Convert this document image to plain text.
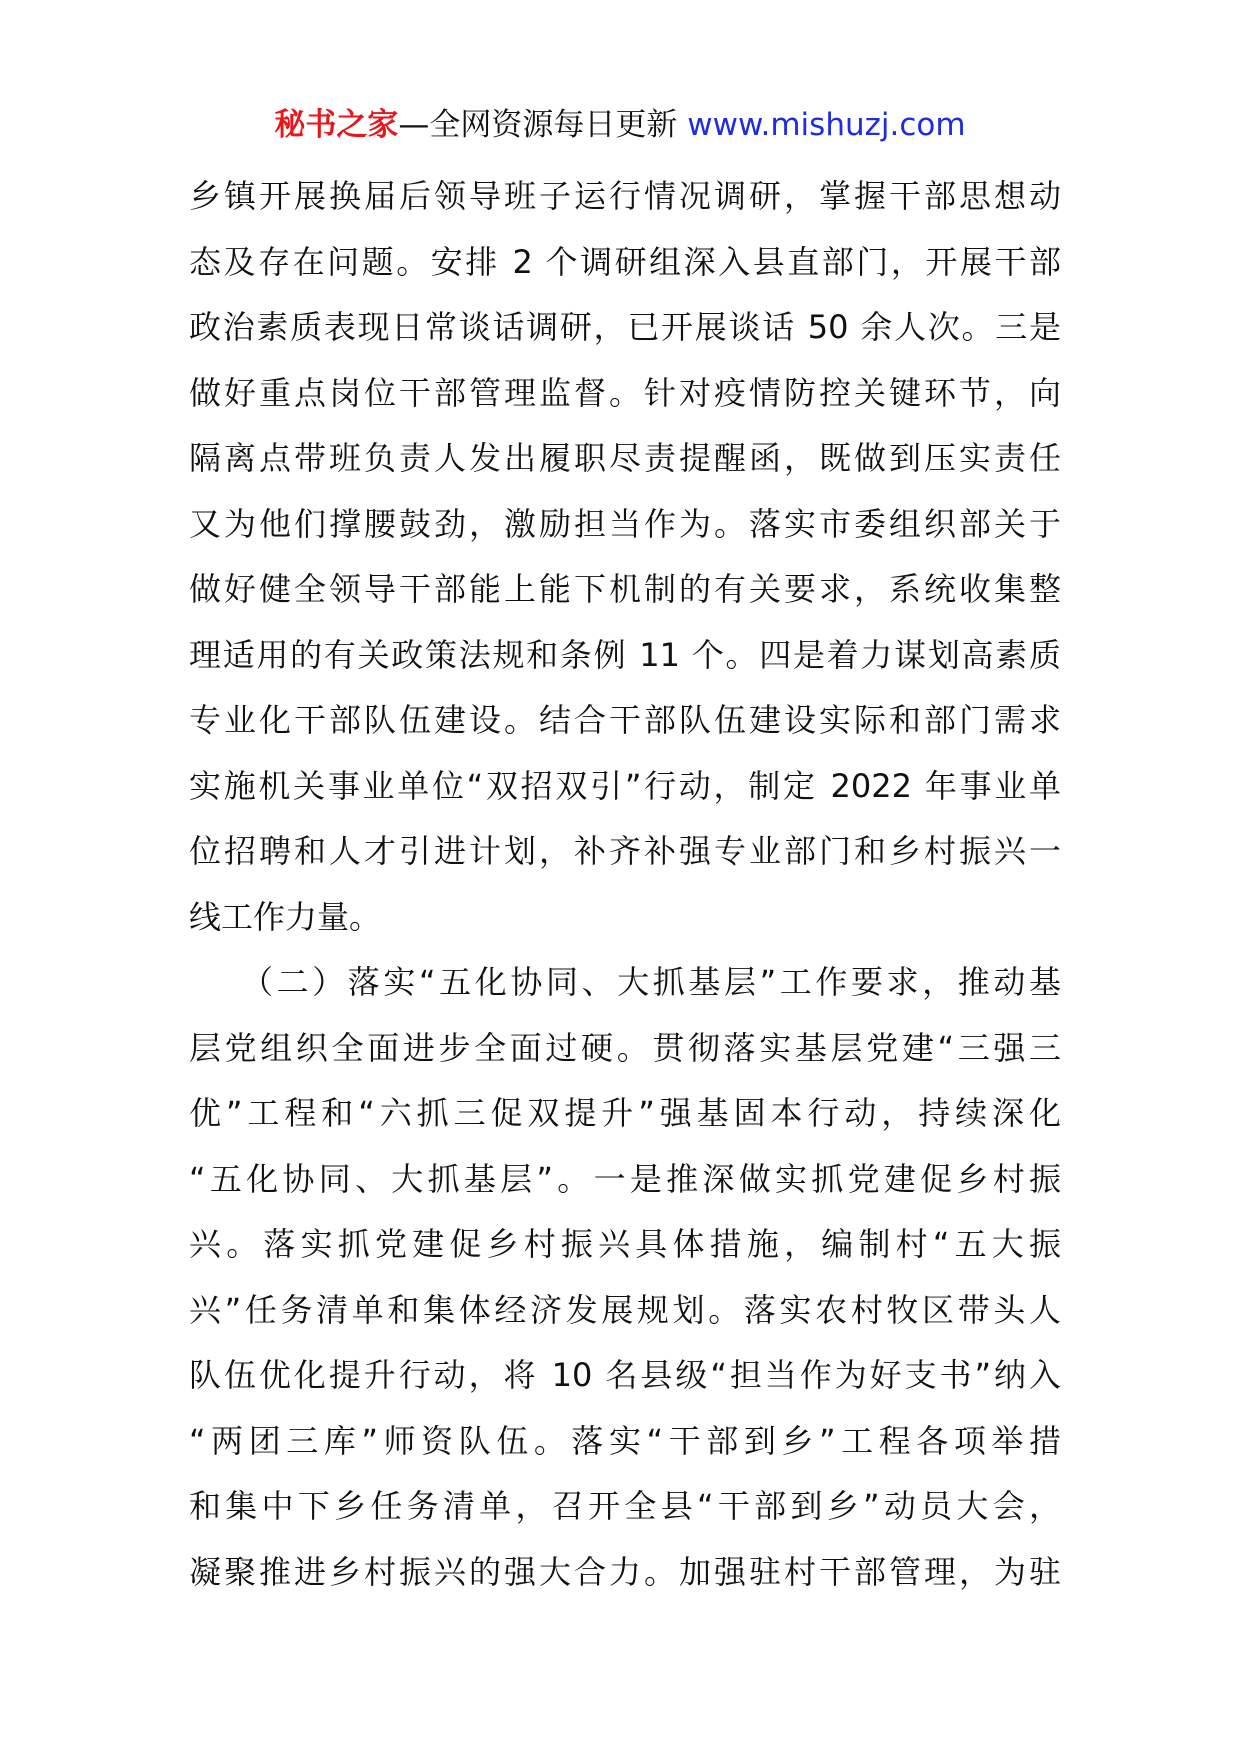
秘书之家—全网资源每日更新 www.mishuzj.com
乡镇开展换届后领导班子运行情况调研，掌握干部思想动
态及存在问题。安排 2 个调研组深入县直部门，开展干部
政治素质表现日常谈话调研，已开展谈话 50 余人次。三是
做好重点岗位干部管理监督。针对疫情防控关键环节，向
隔离点带班负责人发出履职尽责提醒函，既做到压实责任
又为他们撑腰鼓劲，激励担当作为。落实市委组织部关于
做好健全领导干部能上能下机制的有关要求，系统收集整
理适用的有关政策法规和条例 11 个。四是着力谋划高素质
专业化干部队伍建设。结合干部队伍建设实际和部门需求
实施机关事业单位“双招双引”行动，制定 2022 年事业单
位招聘和人才引进计划，补齐补强专业部门和乡村振兴一
线工作力量。
（二）落实“五化协同、大抓基层”工作要求，推动基
层党组织全面进步全面过硬。贯彻落实基层党建“三强三
优”工程和“六抓三促双提升”强基固本行动，持续深化
“五化协同、大抓基层”。一是推深做实抓党建促乡村振
兴。落实抓党建促乡村振兴具体措施，编制村“五大振
兴”任务清单和集体经济发展规划。落实农村牧区带头人
队伍优化提升行动，将 10 名县级“担当作为好支书”纳入
“两团三库”师资队伍。落实“干部到乡”工程各项举措
和集中下乡任务清单，召开全县“干部到乡”动员大会，
凝聚推进乡村振兴的强大合力。加强驻村干部管理，为驻
